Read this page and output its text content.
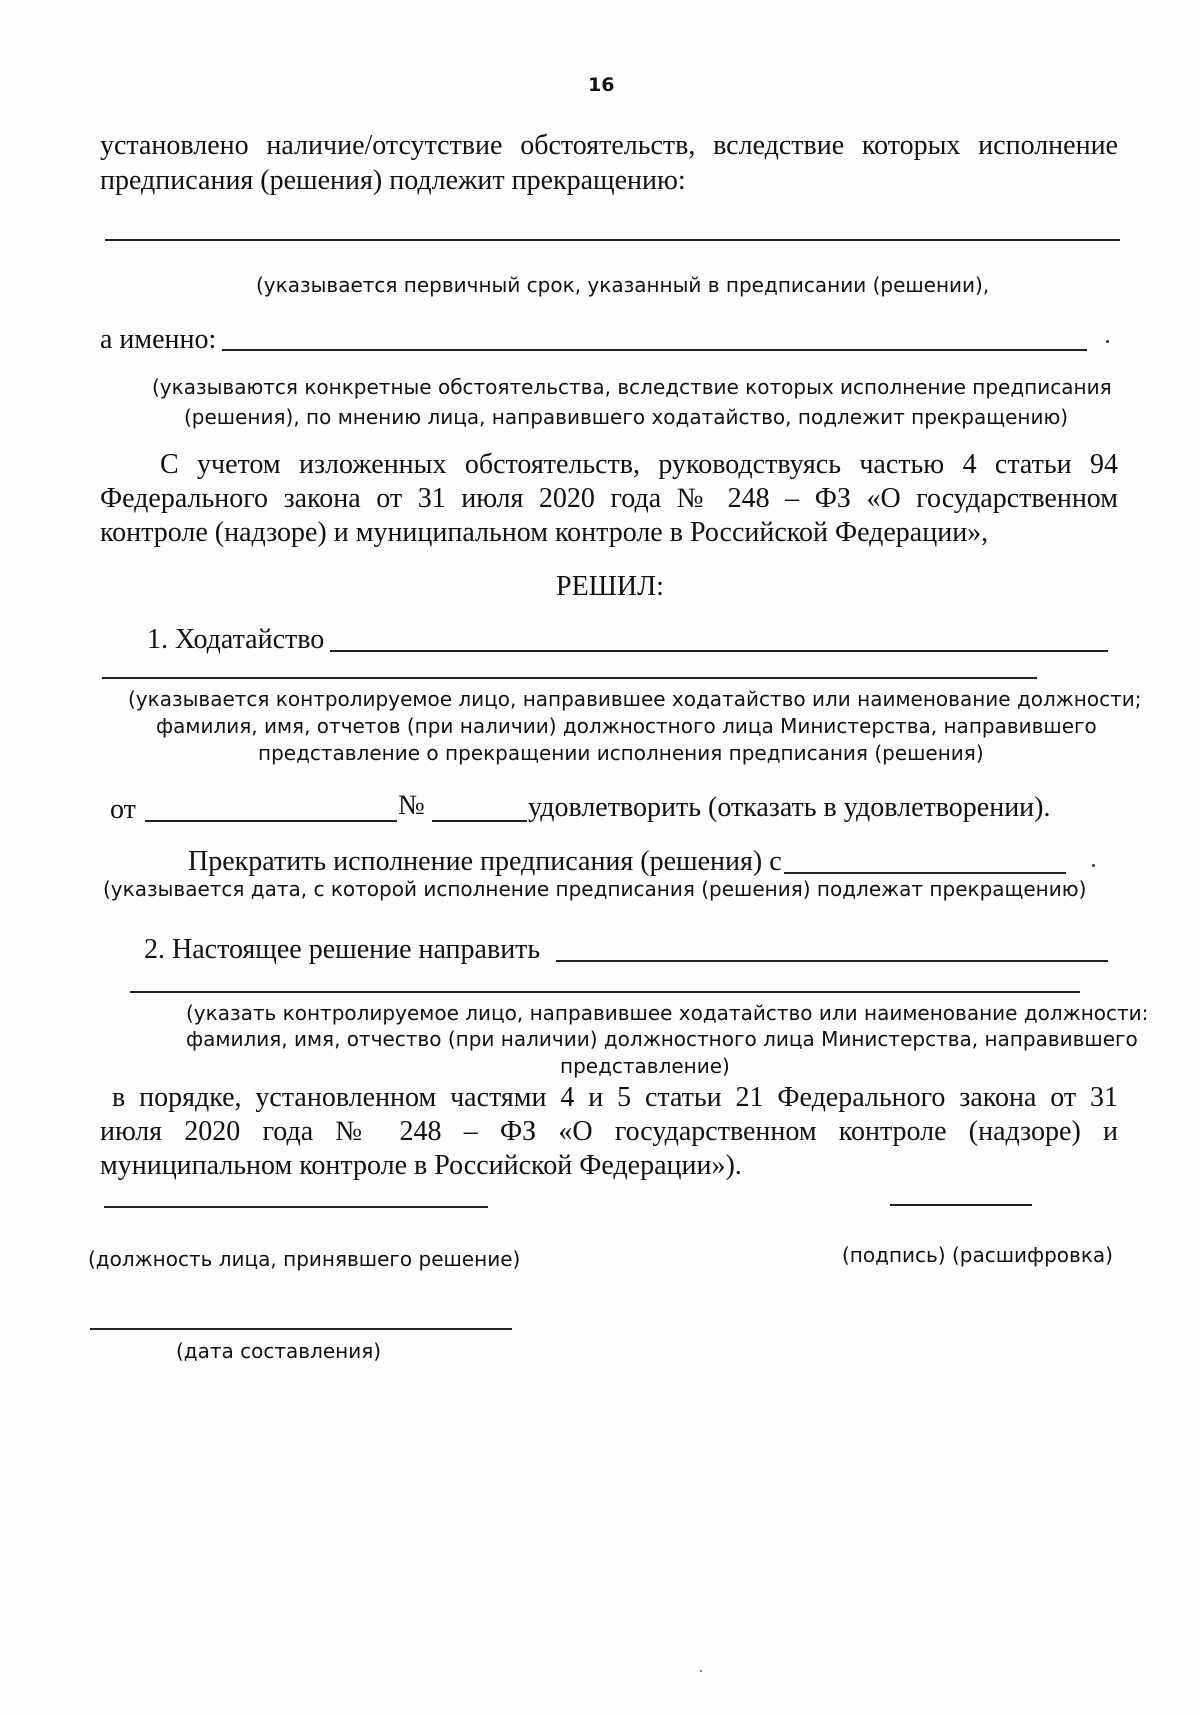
16
установлено наличие/отсутствие обстоятельств, вследствие которых исполнение
предписания (решения) подлежит прекращению:
(указывается первичный срок, указанный в предписании (решении),
а именно:
(указываются конкретные обстоятельства, вследствие которых исполнение предписания
(решения), по мнению лица, направившего ходатайство, подлежит прекращению)
С учетом изложенных обстоятельств, руководствуясь частью 4 статьи 94
Федерального закона от 31 июля 2020 года № 248 – ФЗ «О государственном
контроле (надзоре) и муниципальном контроле в Российской Федерации»,
РЕШИЛ:
1. Ходатайство
(указывается контролируемое лицо, направившее ходатайство или наименование должности;
фамилия, имя, отчетов (при наличии) должностного лица Министерства, направившего
представление о прекращении исполнения предписания (решения)
от	№	удовлетворить (отказать в удовлетворении).
Прекратить исполнение предписания (решения) с
(указывается дата, с которой исполнение предписания (решения) подлежат прекращению)
2. Настоящее решение направить
(указать контролируемое лицо, направившее ходатайство или наименование должности:
фамилия, имя, отчество (при наличии) должностного лица Министерства, направившего
представление)
в порядке, установленном частями 4 и 5 статьи 21 Федерального закона от 31
июля 2020 года № 248 – ФЗ «О государственном контроле (надзоре) и
муниципальном контроле в Российской Федерации»).
(должность лица, принявшего решение)	(подпись) (расшифровка)
(дата составления)
